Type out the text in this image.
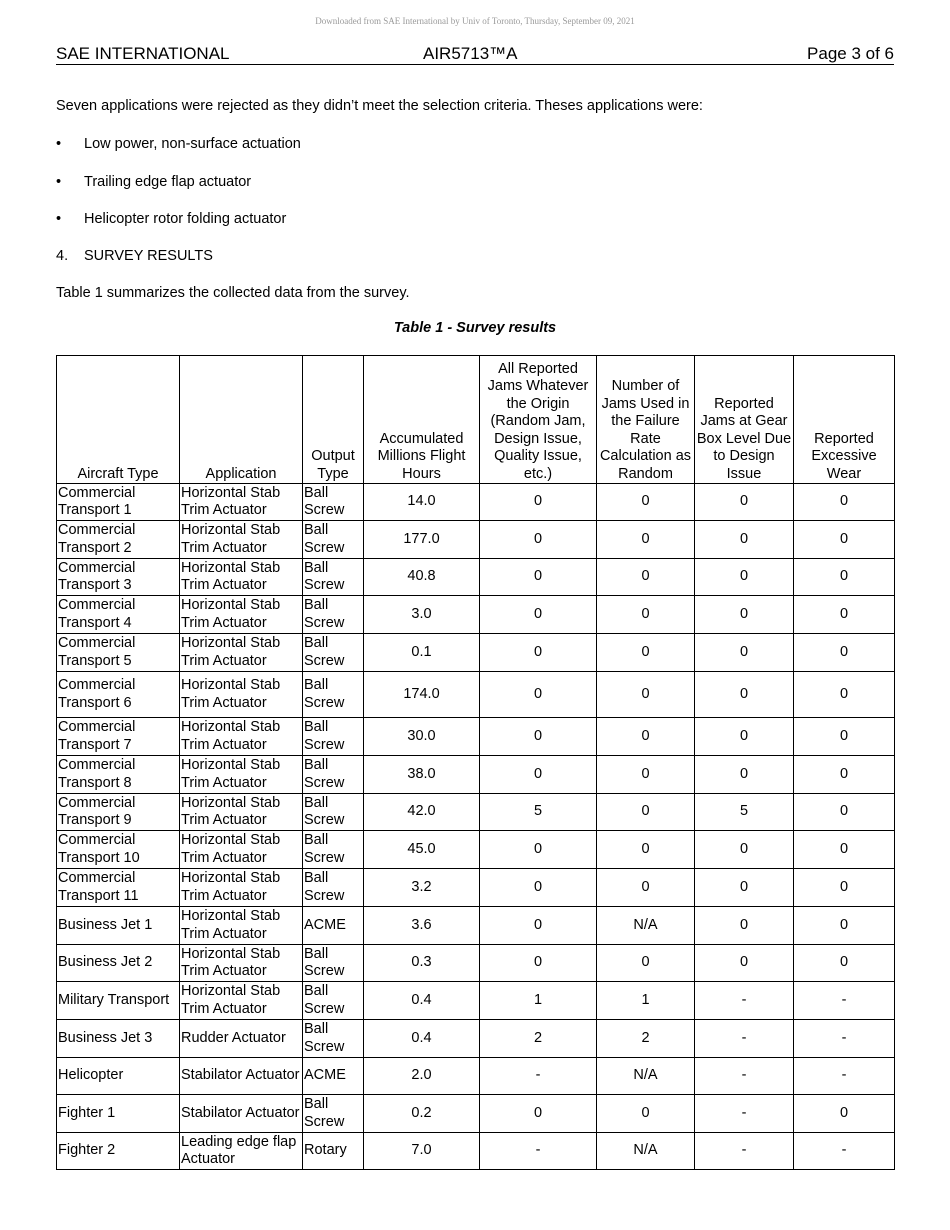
Downloaded from SAE International by Univ of Toronto, Thursday, September 09, 2021
SAE INTERNATIONAL	AIR5713™A	Page 3 of 6
Seven applications were rejected as they didn’t meet the selection criteria. Theses applications were:
• Low power, non-surface actuation
• Trailing edge flap actuator
• Helicopter rotor folding actuator
4. SURVEY RESULTS
Table 1 summarizes the collected data from the survey.
Table 1 - Survey results
Aircraft Type	Application	Output Type	Accumulated Millions Flight Hours	All Reported Jams Whatever the Origin (Random Jam, Design Issue, Quality Issue, etc.)	Number of Jams Used in the Failure Rate Calculation as Random	Reported Jams at Gear Box Level Due to Design Issue	Reported Excessive Wear
Commercial Transport 1	Horizontal Stab Trim Actuator	Ball Screw	14.0	0	0	0	0
Commercial Transport 2	Horizontal Stab Trim Actuator	Ball Screw	177.0	0	0	0	0
Commercial Transport 3	Horizontal Stab Trim Actuator	Ball Screw	40.8	0	0	0	0
Commercial Transport 4	Horizontal Stab Trim Actuator	Ball Screw	3.0	0	0	0	0
Commercial Transport 5	Horizontal Stab Trim Actuator	Ball Screw	0.1	0	0	0	0
Commercial Transport 6	Horizontal Stab Trim Actuator	Ball Screw	174.0	0	0	0	0
Commercial Transport 7	Horizontal Stab Trim Actuator	Ball Screw	30.0	0	0	0	0
Commercial Transport 8	Horizontal Stab Trim Actuator	Ball Screw	38.0	0	0	0	0
Commercial Transport 9	Horizontal Stab Trim Actuator	Ball Screw	42.0	5	0	5	0
Commercial Transport 10	Horizontal Stab Trim Actuator	Ball Screw	45.0	0	0	0	0
Commercial Transport 11	Horizontal Stab Trim Actuator	Ball Screw	3.2	0	0	0	0
Business Jet 1	Horizontal Stab Trim Actuator	ACME	3.6	0	N/A	0	0
Business Jet 2	Horizontal Stab Trim Actuator	Ball Screw	0.3	0	0	0	0
Military Transport	Horizontal Stab Trim Actuator	Ball Screw	0.4	1	1	-	-
Business Jet 3	Rudder Actuator	Ball Screw	0.4	2	2	-	-
Helicopter	Stabilator Actuator	ACME	2.0	-	N/A	-	-
Fighter 1	Stabilator Actuator	Ball Screw	0.2	0	0	-	0
Fighter 2	Leading edge flap Actuator	Rotary	7.0	-	N/A	-	-
